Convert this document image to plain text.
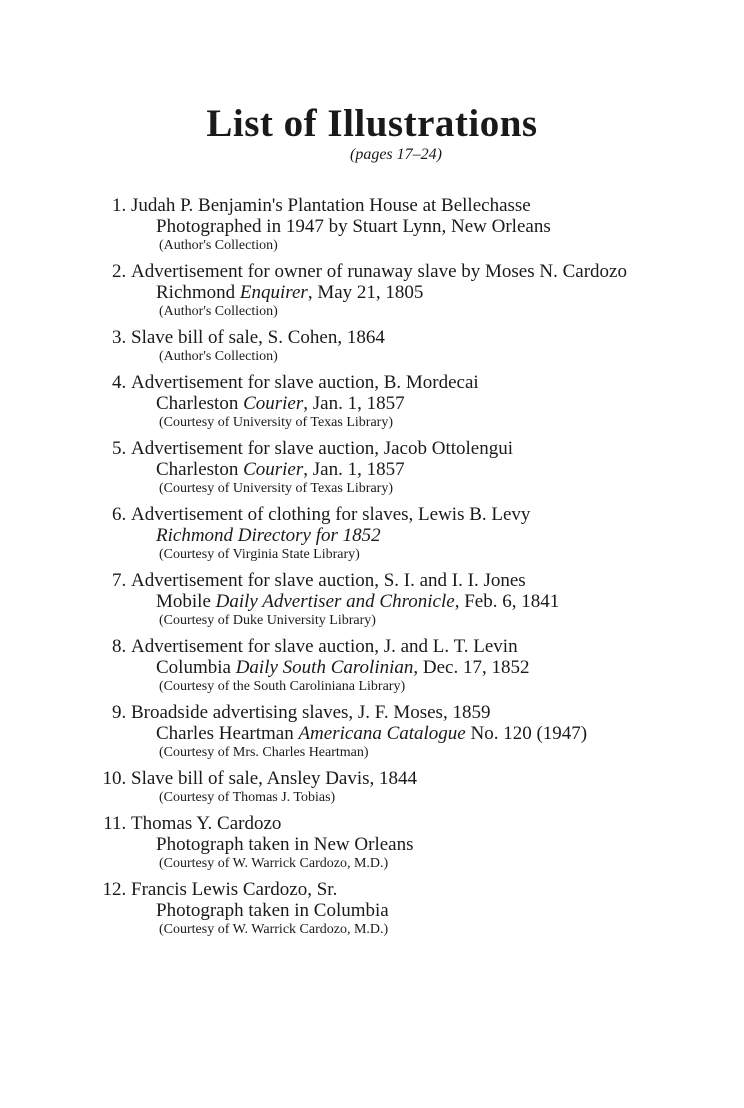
List of Illustrations
(pages 17–24)
1. Judah P. Benjamin's Plantation House at Bellechasse
Photographed in 1947 by Stuart Lynn, New Orleans
(Author's Collection)
2. Advertisement for owner of runaway slave by Moses N. Cardozo
Richmond Enquirer, May 21, 1805
(Author's Collection)
3. Slave bill of sale, S. Cohen, 1864
(Author's Collection)
4. Advertisement for slave auction, B. Mordecai
Charleston Courier, Jan. 1, 1857
(Courtesy of University of Texas Library)
5. Advertisement for slave auction, Jacob Ottolengui
Charleston Courier, Jan. 1, 1857
(Courtesy of University of Texas Library)
6. Advertisement of clothing for slaves, Lewis B. Levy
Richmond Directory for 1852
(Courtesy of Virginia State Library)
7. Advertisement for slave auction, S. I. and I. I. Jones
Mobile Daily Advertiser and Chronicle, Feb. 6, 1841
(Courtesy of Duke University Library)
8. Advertisement for slave auction, J. and L. T. Levin
Columbia Daily South Carolinian, Dec. 17, 1852
(Courtesy of the South Caroliniana Library)
9. Broadside advertising slaves, J. F. Moses, 1859
Charles Heartman Americana Catalogue No. 120 (1947)
(Courtesy of Mrs. Charles Heartman)
10. Slave bill of sale, Ansley Davis, 1844
(Courtesy of Thomas J. Tobias)
11. Thomas Y. Cardozo
Photograph taken in New Orleans
(Courtesy of W. Warrick Cardozo, M.D.)
12. Francis Lewis Cardozo, Sr.
Photograph taken in Columbia
(Courtesy of W. Warrick Cardozo, M.D.)
